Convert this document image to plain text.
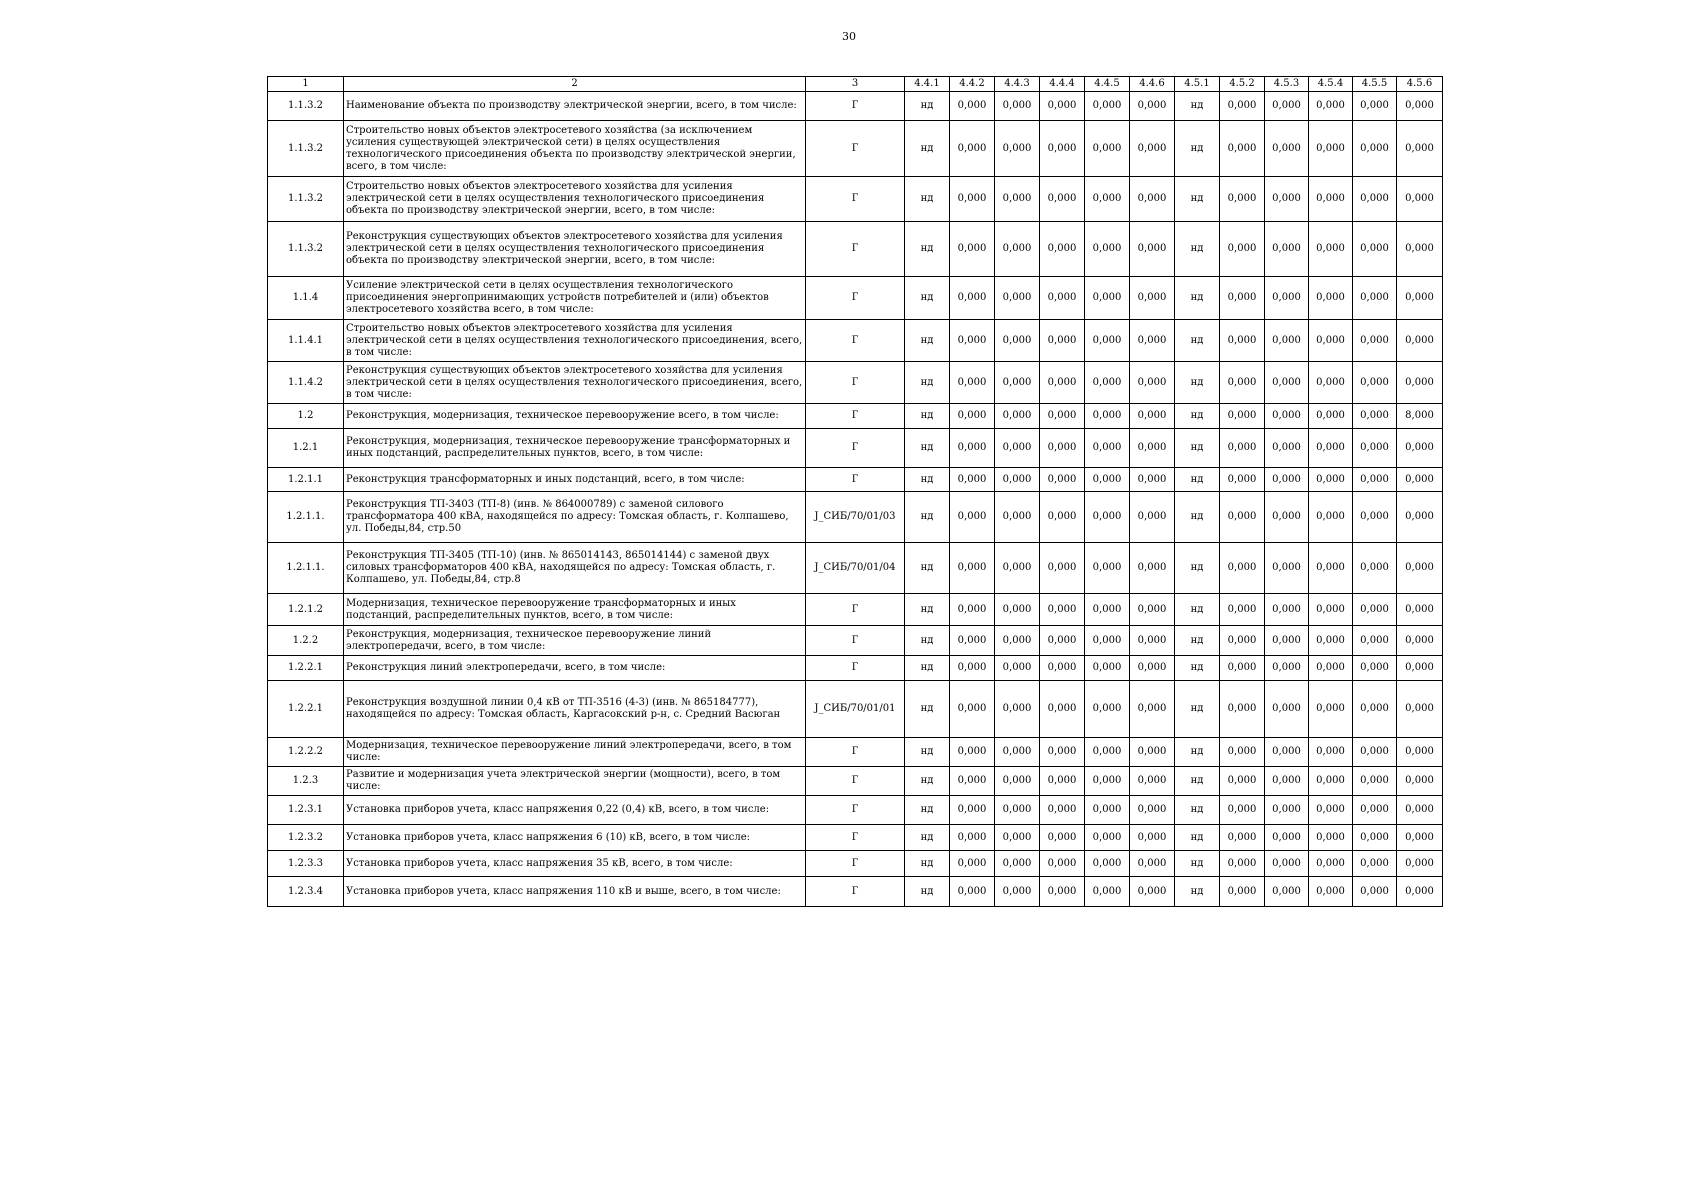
30
1	2	3	4.4.1	4.4.2	4.4.3	4.4.4	4.4.5	4.4.6	4.5.1	4.5.2	4.5.3	4.5.4	4.5.5	4.5.6
1.1.3.2	Наименование объекта по производству электрической энергии, всего, в том числе:	Г	нд	0,000	0,000	0,000	0,000	0,000	нд	0,000	0,000	0,000	0,000	0,000
1.1.3.2	Строительство новых объектов электросетевого хозяйства (за исключением усиления существующей электрической сети) в целях осуществления технологического присоединения объекта по производству электрической энергии, всего, в том числе:	Г	нд	0,000	0,000	0,000	0,000	0,000	нд	0,000	0,000	0,000	0,000	0,000
1.1.3.2	Строительство новых объектов электросетевого хозяйства для усиления электрической сети в целях осуществления технологического присоединения объекта по производству электрической энергии, всего, в том числе:	Г	нд	0,000	0,000	0,000	0,000	0,000	нд	0,000	0,000	0,000	0,000	0,000
1.1.3.2	Реконструкция существующих объектов электросетевого хозяйства для усиления электрической сети в целях осуществления технологического присоединения объекта по производству электрической энергии, всего, в том числе:	Г	нд	0,000	0,000	0,000	0,000	0,000	нд	0,000	0,000	0,000	0,000	0,000
1.1.4	Усиление электрической сети в целях осуществления технологического присоединения энергопринимающих устройств потребителей и (или) объектов электросетевого хозяйства всего, в том числе:	Г	нд	0,000	0,000	0,000	0,000	0,000	нд	0,000	0,000	0,000	0,000	0,000
1.1.4.1	Строительство новых объектов электросетевого хозяйства для усиления электрической сети в целях осуществления технологического присоединения, всего, в том числе:	Г	нд	0,000	0,000	0,000	0,000	0,000	нд	0,000	0,000	0,000	0,000	0,000
1.1.4.2	Реконструкция существующих объектов электросетевого хозяйства для усиления электрической сети в целях осуществления технологического присоединения, всего, в том числе:	Г	нд	0,000	0,000	0,000	0,000	0,000	нд	0,000	0,000	0,000	0,000	0,000
1.2	Реконструкция, модернизация, техническое перевооружение всего, в том числе:	Г	нд	0,000	0,000	0,000	0,000	0,000	нд	0,000	0,000	0,000	0,000	8,000
1.2.1	Реконструкция, модернизация, техническое перевооружение трансформаторных и иных подстанций, распределительных пунктов, всего, в том числе:	Г	нд	0,000	0,000	0,000	0,000	0,000	нд	0,000	0,000	0,000	0,000	0,000
1.2.1.1	Реконструкция трансформаторных и иных подстанций, всего, в том числе:	Г	нд	0,000	0,000	0,000	0,000	0,000	нд	0,000	0,000	0,000	0,000	0,000
1.2.1.1.	Реконструкция ТП-3403 (ТП-8) (инв. № 864000789) с заменой силового трансформатора 400 кВА, находящейся по адресу: Томская область, г. Колпашево, ул. Победы,84, стр.50	J_СИБ/70/01/03	нд	0,000	0,000	0,000	0,000	0,000	нд	0,000	0,000	0,000	0,000	0,000
1.2.1.1.	Реконструкция ТП-3405 (ТП-10) (инв. № 865014143, 865014144) с заменой двух силовых трансформаторов 400 кВА, находящейся по адресу: Томская область, г. Колпашево, ул. Победы,84, стр.8	J_СИБ/70/01/04	нд	0,000	0,000	0,000	0,000	0,000	нд	0,000	0,000	0,000	0,000	0,000
1.2.1.2	Модернизация, техническое перевооружение трансформаторных и иных подстанций, распределительных пунктов, всего, в том числе:	Г	нд	0,000	0,000	0,000	0,000	0,000	нд	0,000	0,000	0,000	0,000	0,000
1.2.2	Реконструкция, модернизация, техническое перевооружение линий электропередачи, всего, в том числе:	Г	нд	0,000	0,000	0,000	0,000	0,000	нд	0,000	0,000	0,000	0,000	0,000
1.2.2.1	Реконструкция линий электропередачи, всего, в том числе:	Г	нд	0,000	0,000	0,000	0,000	0,000	нд	0,000	0,000	0,000	0,000	0,000
1.2.2.1	Реконструкция воздушной линии 0,4 кВ от ТП-3516 (4-3) (инв. № 865184777), находящейся по адресу: Томская область, Каргасокский р-н, с. Средний Васюган	J_СИБ/70/01/01	нд	0,000	0,000	0,000	0,000	0,000	нд	0,000	0,000	0,000	0,000	0,000
1.2.2.2	Модернизация, техническое перевооружение линий электропередачи, всего, в том числе:	Г	нд	0,000	0,000	0,000	0,000	0,000	нд	0,000	0,000	0,000	0,000	0,000
1.2.3	Развитие и модернизация учета электрической энергии (мощности), всего, в том числе:	Г	нд	0,000	0,000	0,000	0,000	0,000	нд	0,000	0,000	0,000	0,000	0,000
1.2.3.1	Установка приборов учета, класс напряжения 0,22 (0,4) кВ, всего, в том числе:	Г	нд	0,000	0,000	0,000	0,000	0,000	нд	0,000	0,000	0,000	0,000	0,000
1.2.3.2	Установка приборов учета, класс напряжения 6 (10) кВ, всего, в том числе:	Г	нд	0,000	0,000	0,000	0,000	0,000	нд	0,000	0,000	0,000	0,000	0,000
1.2.3.3	Установка приборов учета, класс напряжения 35 кВ, всего, в том числе:	Г	нд	0,000	0,000	0,000	0,000	0,000	нд	0,000	0,000	0,000	0,000	0,000
1.2.3.4	Установка приборов учета, класс напряжения 110 кВ и выше, всего, в том числе:	Г	нд	0,000	0,000	0,000	0,000	0,000	нд	0,000	0,000	0,000	0,000	0,000
